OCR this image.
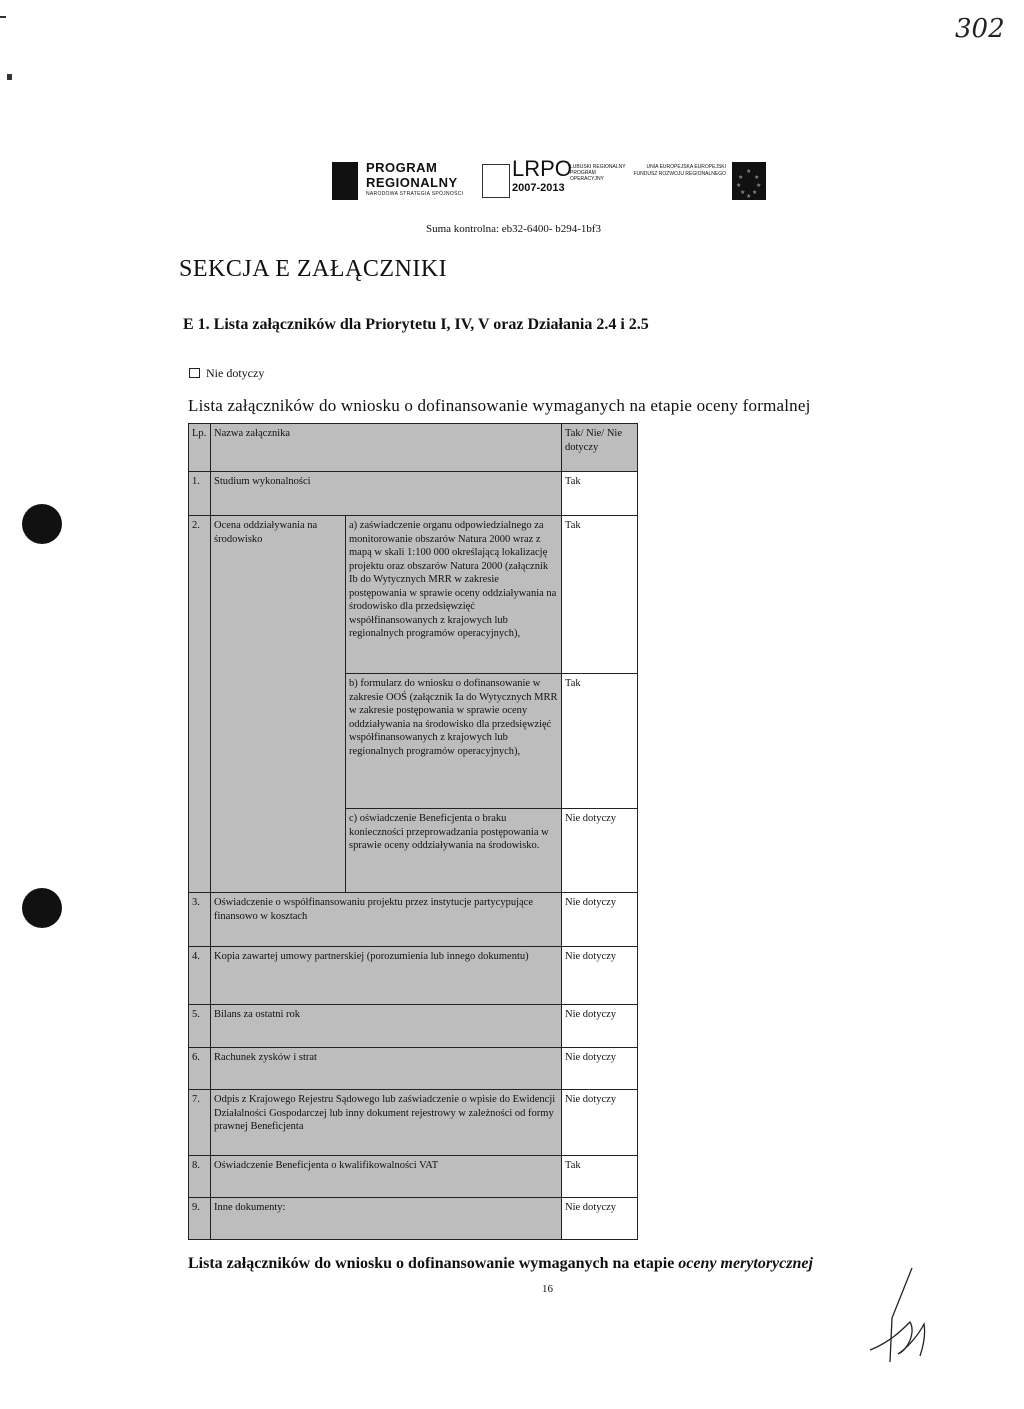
302
PROGRAM
REGIONALNY
NARODOWA STRATEGIA SPÓJNOŚCI
LRPO
2007-2013
LUBUSKI REGIONALNY PROGRAM OPERACYJNY
UNIA EUROPEJSKA EUROPEJSKI FUNDUSZ ROZWOJU REGIONALNEGO	★
★ ★
★ ★
★ ★
★
Suma kontrolna: eb32-6400- b294-1bf3
SEKCJA E ZAŁĄCZNIKI
E 1. Lista załączników dla Priorytetu I, IV, V oraz Działania 2.4 i 2.5
Nie dotyczy
Lista załączników do wniosku o dofinansowanie wymaganych na etapie oceny formalnej
Lp.	Nazwa załącznika		Tak/ Nie/ Nie dotyczy
1.	Studium wykonalności		Tak
2.	Ocena oddziaływania na środowisko	a) zaświadczenie organu odpowiedzialnego za monitorowanie obszarów Natura 2000 wraz z mapą w skali 1:100 000 określającą lokalizację projektu oraz obszarów Natura 2000 (załącznik Ib do Wytycznych MRR w zakresie postępowania w sprawie oceny oddziaływania na środowisko dla przedsięwzięć współfinansowanych z krajowych lub regionalnych programów operacyjnych),	Tak
		b) formularz do wniosku o dofinansowanie w zakresie OOŚ (załącznik Ia do Wytycznych MRR w zakresie postępowania w sprawie oceny oddziaływania na środowisko dla przedsięwzięć współfinansowanych z krajowych lub regionalnych programów operacyjnych),	Tak
		c) oświadczenie Beneficjenta o braku konieczności przeprowadzania postępowania w sprawie oceny oddziaływania na środowisko.	Nie dotyczy
3.	Oświadczenie o współfinansowaniu projektu przez instytucje partycypujące finansowo w kosztach		Nie dotyczy
4.	Kopia zawartej umowy partnerskiej (porozumienia lub innego dokumentu)		Nie dotyczy
5.	Bilans za ostatni rok		Nie dotyczy
6.	Rachunek zysków i strat		Nie dotyczy
7.	Odpis z Krajowego Rejestru Sądowego lub zaświadczenie o wpisie do Ewidencji Działalności Gospodarczej lub inny dokument rejestrowy w zależności od formy prawnej Beneficjenta		Nie dotyczy
8.	Oświadczenie Beneficjenta o kwalifikowalności VAT		Tak
9.	Inne dokumenty:		Nie dotyczy
Lista załączników do wniosku o dofinansowanie wymaganych na etapie oceny merytorycznej
16
